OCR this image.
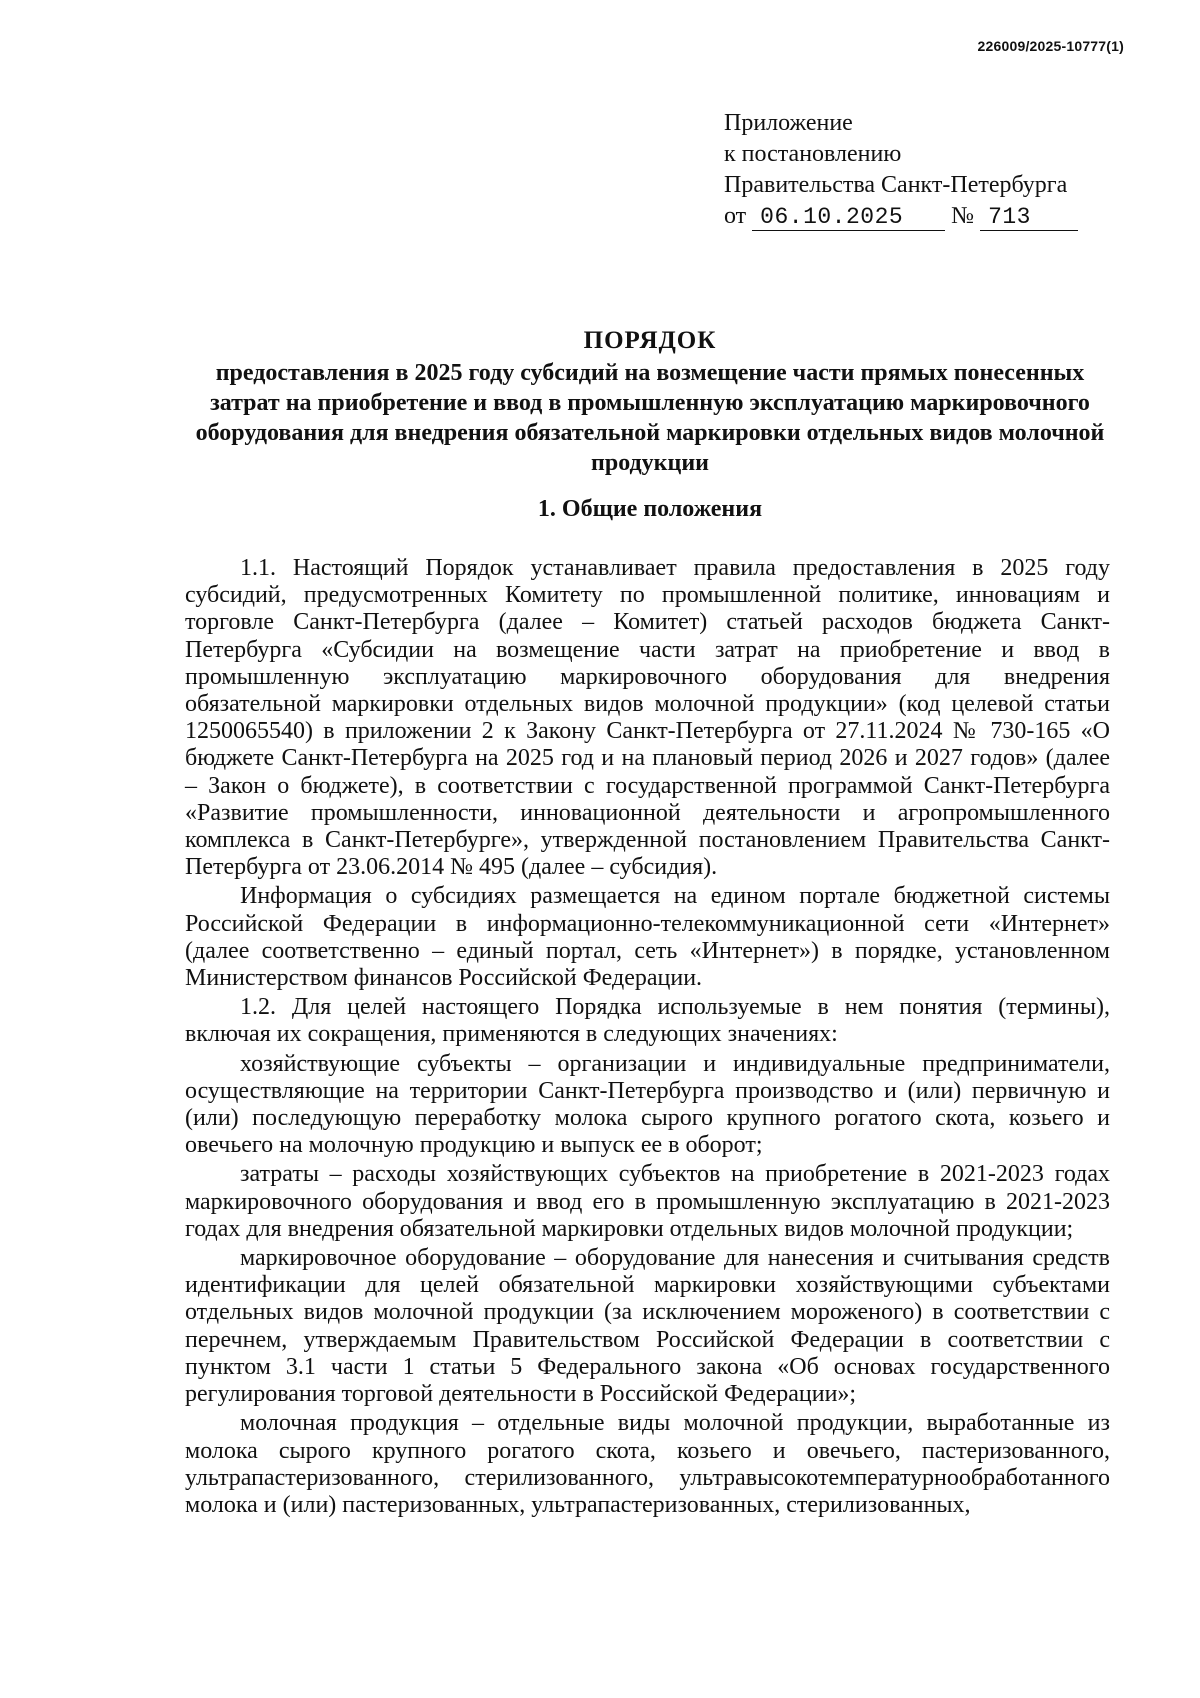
226009/2025-10777(1)
Приложение
к постановлению
Правительства Санкт-Петербурга
от 06.10.2025 № 713
ПОРЯДОК
предоставления в 2025 году субсидий на возмещение части прямых понесенных затрат на приобретение и ввод в промышленную эксплуатацию маркировочного оборудования для внедрения обязательной маркировки отдельных видов молочной продукции
1. Общие положения

1.1. Настоящий Порядок устанавливает правила предоставления в 2025 году субсидий, предусмотренных Комитету по промышленной политике, инновациям и торговле Санкт-Петербурга (далее – Комитет) статьей расходов бюджета Санкт-Петербурга «Субсидии на возмещение части затрат на приобретение и ввод в промышленную эксплуатацию маркировочного оборудования для внедрения обязательной маркировки отдельных видов молочной продукции» (код целевой статьи 1250065540) в приложении 2 к Закону Санкт-Петербурга от 27.11.2024 № 730-165 «О бюджете Санкт-Петербурга на 2025 год и на плановый период 2026 и 2027 годов» (далее – Закон о бюджете), в соответствии с государственной программой Санкт-Петербурга «Развитие промышленности, инновационной деятельности и агропромышленного комплекса в Санкт-Петербурге», утвержденной постановлением Правительства Санкт-Петербурга от 23.06.2014 № 495 (далее – субсидия).

Информация о субсидиях размещается на едином портале бюджетной системы Российской Федерации в информационно-телекоммуникационной сети «Интернет» (далее соответственно – единый портал, сеть «Интернет») в порядке, установленном Министерством финансов Российской Федерации.

1.2. Для целей настоящего Порядка используемые в нем понятия (термины), включая их сокращения, применяются в следующих значениях:

хозяйствующие субъекты – организации и индивидуальные предприниматели, осуществляющие на территории Санкт-Петербурга производство и (или) первичную и (или) последующую переработку молока сырого крупного рогатого скота, козьего и овечьего на молочную продукцию и выпуск ее в оборот;

затраты – расходы хозяйствующих субъектов на приобретение в 2021-2023 годах маркировочного оборудования и ввод его в промышленную эксплуатацию в 2021-2023 годах для внедрения обязательной маркировки отдельных видов молочной продукции;

маркировочное оборудование – оборудование для нанесения и считывания средств идентификации для целей обязательной маркировки хозяйствующими субъектами отдельных видов молочной продукции (за исключением мороженого) в соответствии с перечнем, утверждаемым Правительством Российской Федерации в соответствии с пунктом 3.1 части 1 статьи 5 Федерального закона «Об основах государственного регулирования торговой деятельности в Российской Федерации»;

молочная продукция – отдельные виды молочной продукции, выработанные из молока сырого крупного рогатого скота, козьего и овечьего, пастеризованного, ультрапастеризованного, стерилизованного, ультравысокотемпературнообработанного молока и (или) пастеризованных, ультрапастеризованных, стерилизованных,
